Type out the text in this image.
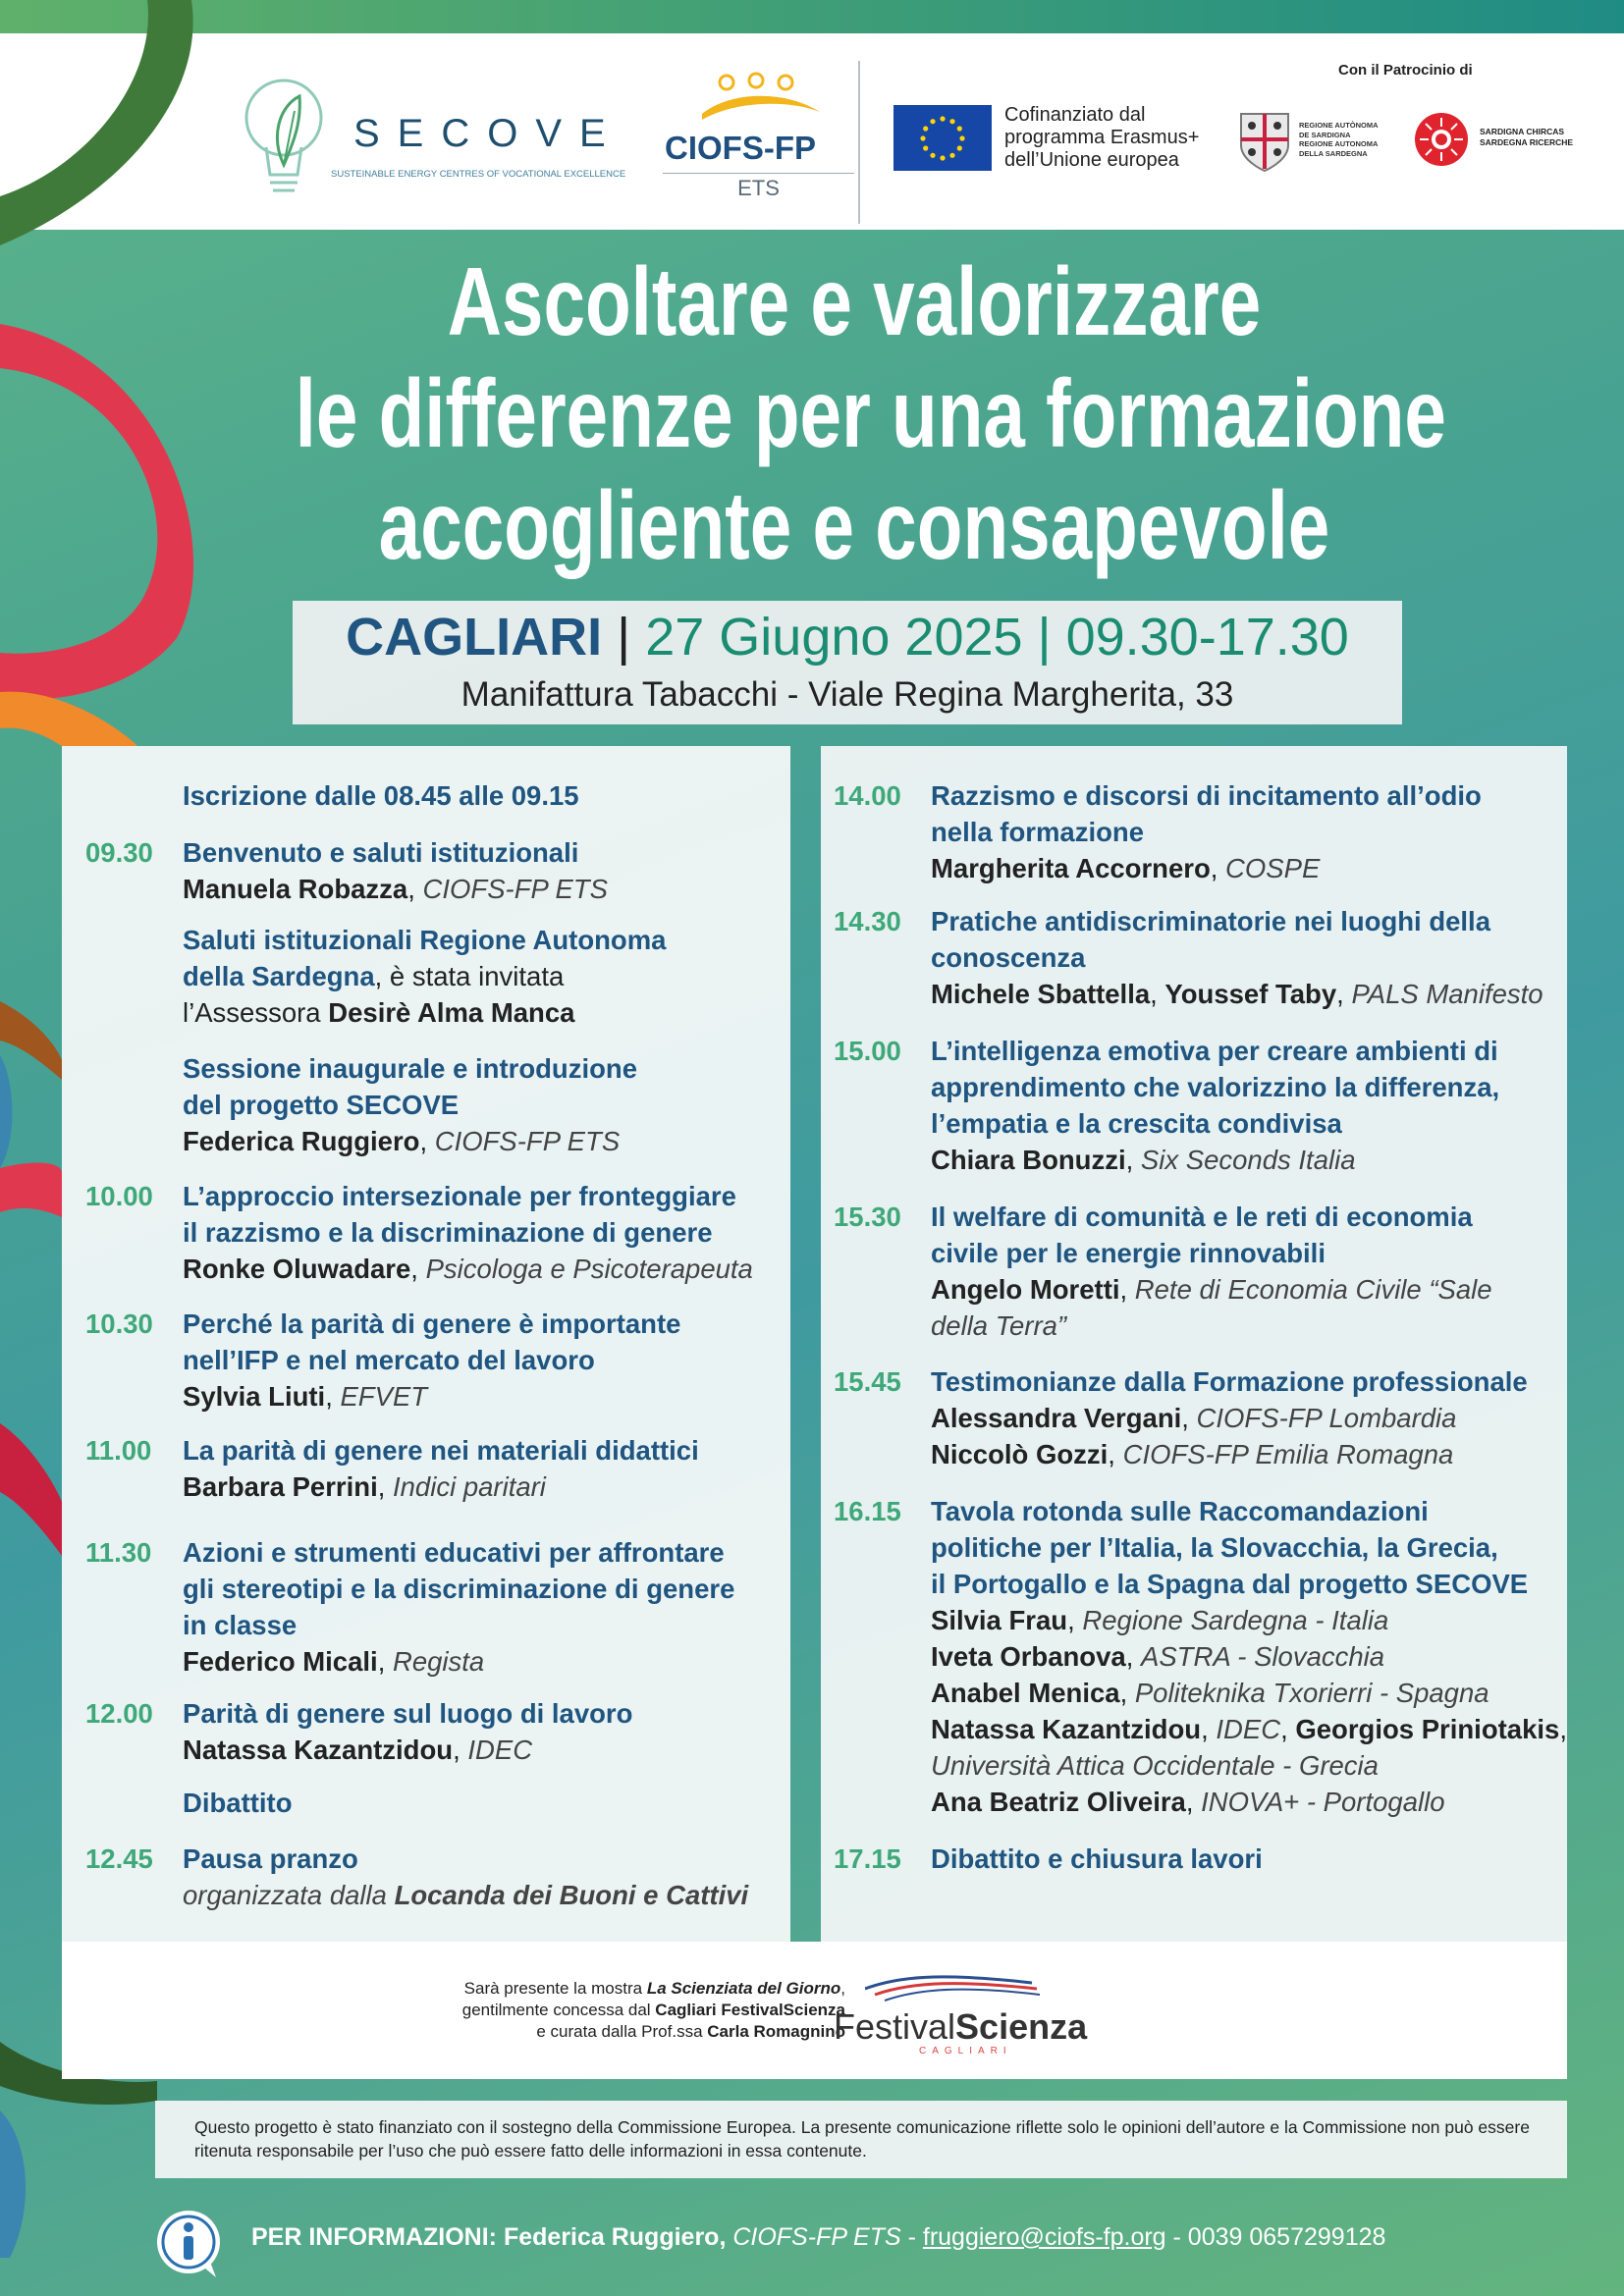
SECOVE
SUSTEINABLE ENERGY CENTRES OF VOCATIONAL EXCELLENCE
CIOFS-FP
ETS
Cofinanziato dal
programma Erasmus+
dell’Unione europea
Con il Patrocinio di
REGIONE AUTÒNOMA
DE SARDIGNA
REGIONE AUTONOMA
DELLA SARDEGNA
SARDIGNA CHIRCAS
SARDEGNA RICERCHE
Ascoltare e valorizzare
le differenze per una formazione
accogliente e consapevole
CAGLIARI | 27 Giugno 2025 | 09.30-17.30
Manifattura Tabacchi - Viale Regina Margherita, 33
Sarà presente la mostra La Scienziata del Giorno,
gentilmente concessa dal Cagliari FestivalScienza
e curata dalla Prof.ssa Carla Romagnino
FestivalScienza
CAGLIARI

Questo progetto è stato finanziato con il sostegno della Commissione Europea. La presente comunicazione riflette solo le opinioni dell’autore e la Commissione non può essere ritenuta responsabile per l’uso che può essere fatto delle informazioni in essa contenute.

PER INFORMAZIONI: Federica Ruggiero, CIOFS-FP ETS - fruggiero@ciofs-fp.org - 0039 0657299128
Iscrizione dalle 08.45 alle 09.15
09.30 Benvenuto e saluti istituzionali
Manuela Robazza, CIOFS-FP ETS
Saluti istituzionali Regione Autonoma
della Sardegna, è stata invitata
l’Assessora Desirè Alma Manca
Sessione inaugurale e introduzione
del progetto SECOVE
Federica Ruggiero, CIOFS-FP ETS
10.00 L’approccio intersezionale per fronteggiare
il razzismo e la discriminazione di genere
Ronke Oluwadare, Psicologa e Psicoterapeuta
10.30 Perché la parità di genere è importante
nell’IFP e nel mercato del lavoro
Sylvia Liuti, EFVET
11.00 La parità di genere nei materiali didattici
Barbara Perrini, Indici paritari
11.30 Azioni e strumenti educativi per affrontare
gli stereotipi e la discriminazione di genere
in classe
Federico Micali, Regista
12.00 Parità di genere sul luogo di lavoro
Natassa Kazantzidou, IDEC
Dibattito
12.45 Pausa pranzo
organizzata dalla Locanda dei Buoni e Cattivi
14.00 Razzismo e discorsi di incitamento all’odio
nella formazione
Margherita Accornero, COSPE
14.30 Pratiche antidiscriminatorie nei luoghi della
conoscenza
Michele Sbattella, Youssef Taby, PALS Manifesto
15.00 L’intelligenza emotiva per creare ambienti di
apprendimento che valorizzino la differenza,
l’empatia e la crescita condivisa
Chiara Bonuzzi, Six Seconds Italia
15.30 Il welfare di comunità e le reti di economia
civile per le energie rinnovabili
Angelo Moretti, Rete di Economia Civile “Sale
della Terra”
15.45 Testimonianze dalla Formazione professionale
Alessandra Vergani, CIOFS-FP Lombardia
Niccolò Gozzi, CIOFS-FP Emilia Romagna
16.15 Tavola rotonda sulle Raccomandazioni
politiche per l’Italia, la Slovacchia, la Grecia,
il Portogallo e la Spagna dal progetto SECOVE
Silvia Frau, Regione Sardegna - Italia
Iveta Orbanova, ASTRA - Slovacchia
Anabel Menica, Politeknika Txorierri - Spagna
Natassa Kazantzidou, IDEC, Georgios Priniotakis,
Università Attica Occidentale - Grecia
Ana Beatriz Oliveira, INOVA+ - Portogallo
17.15 Dibattito e chiusura lavori
